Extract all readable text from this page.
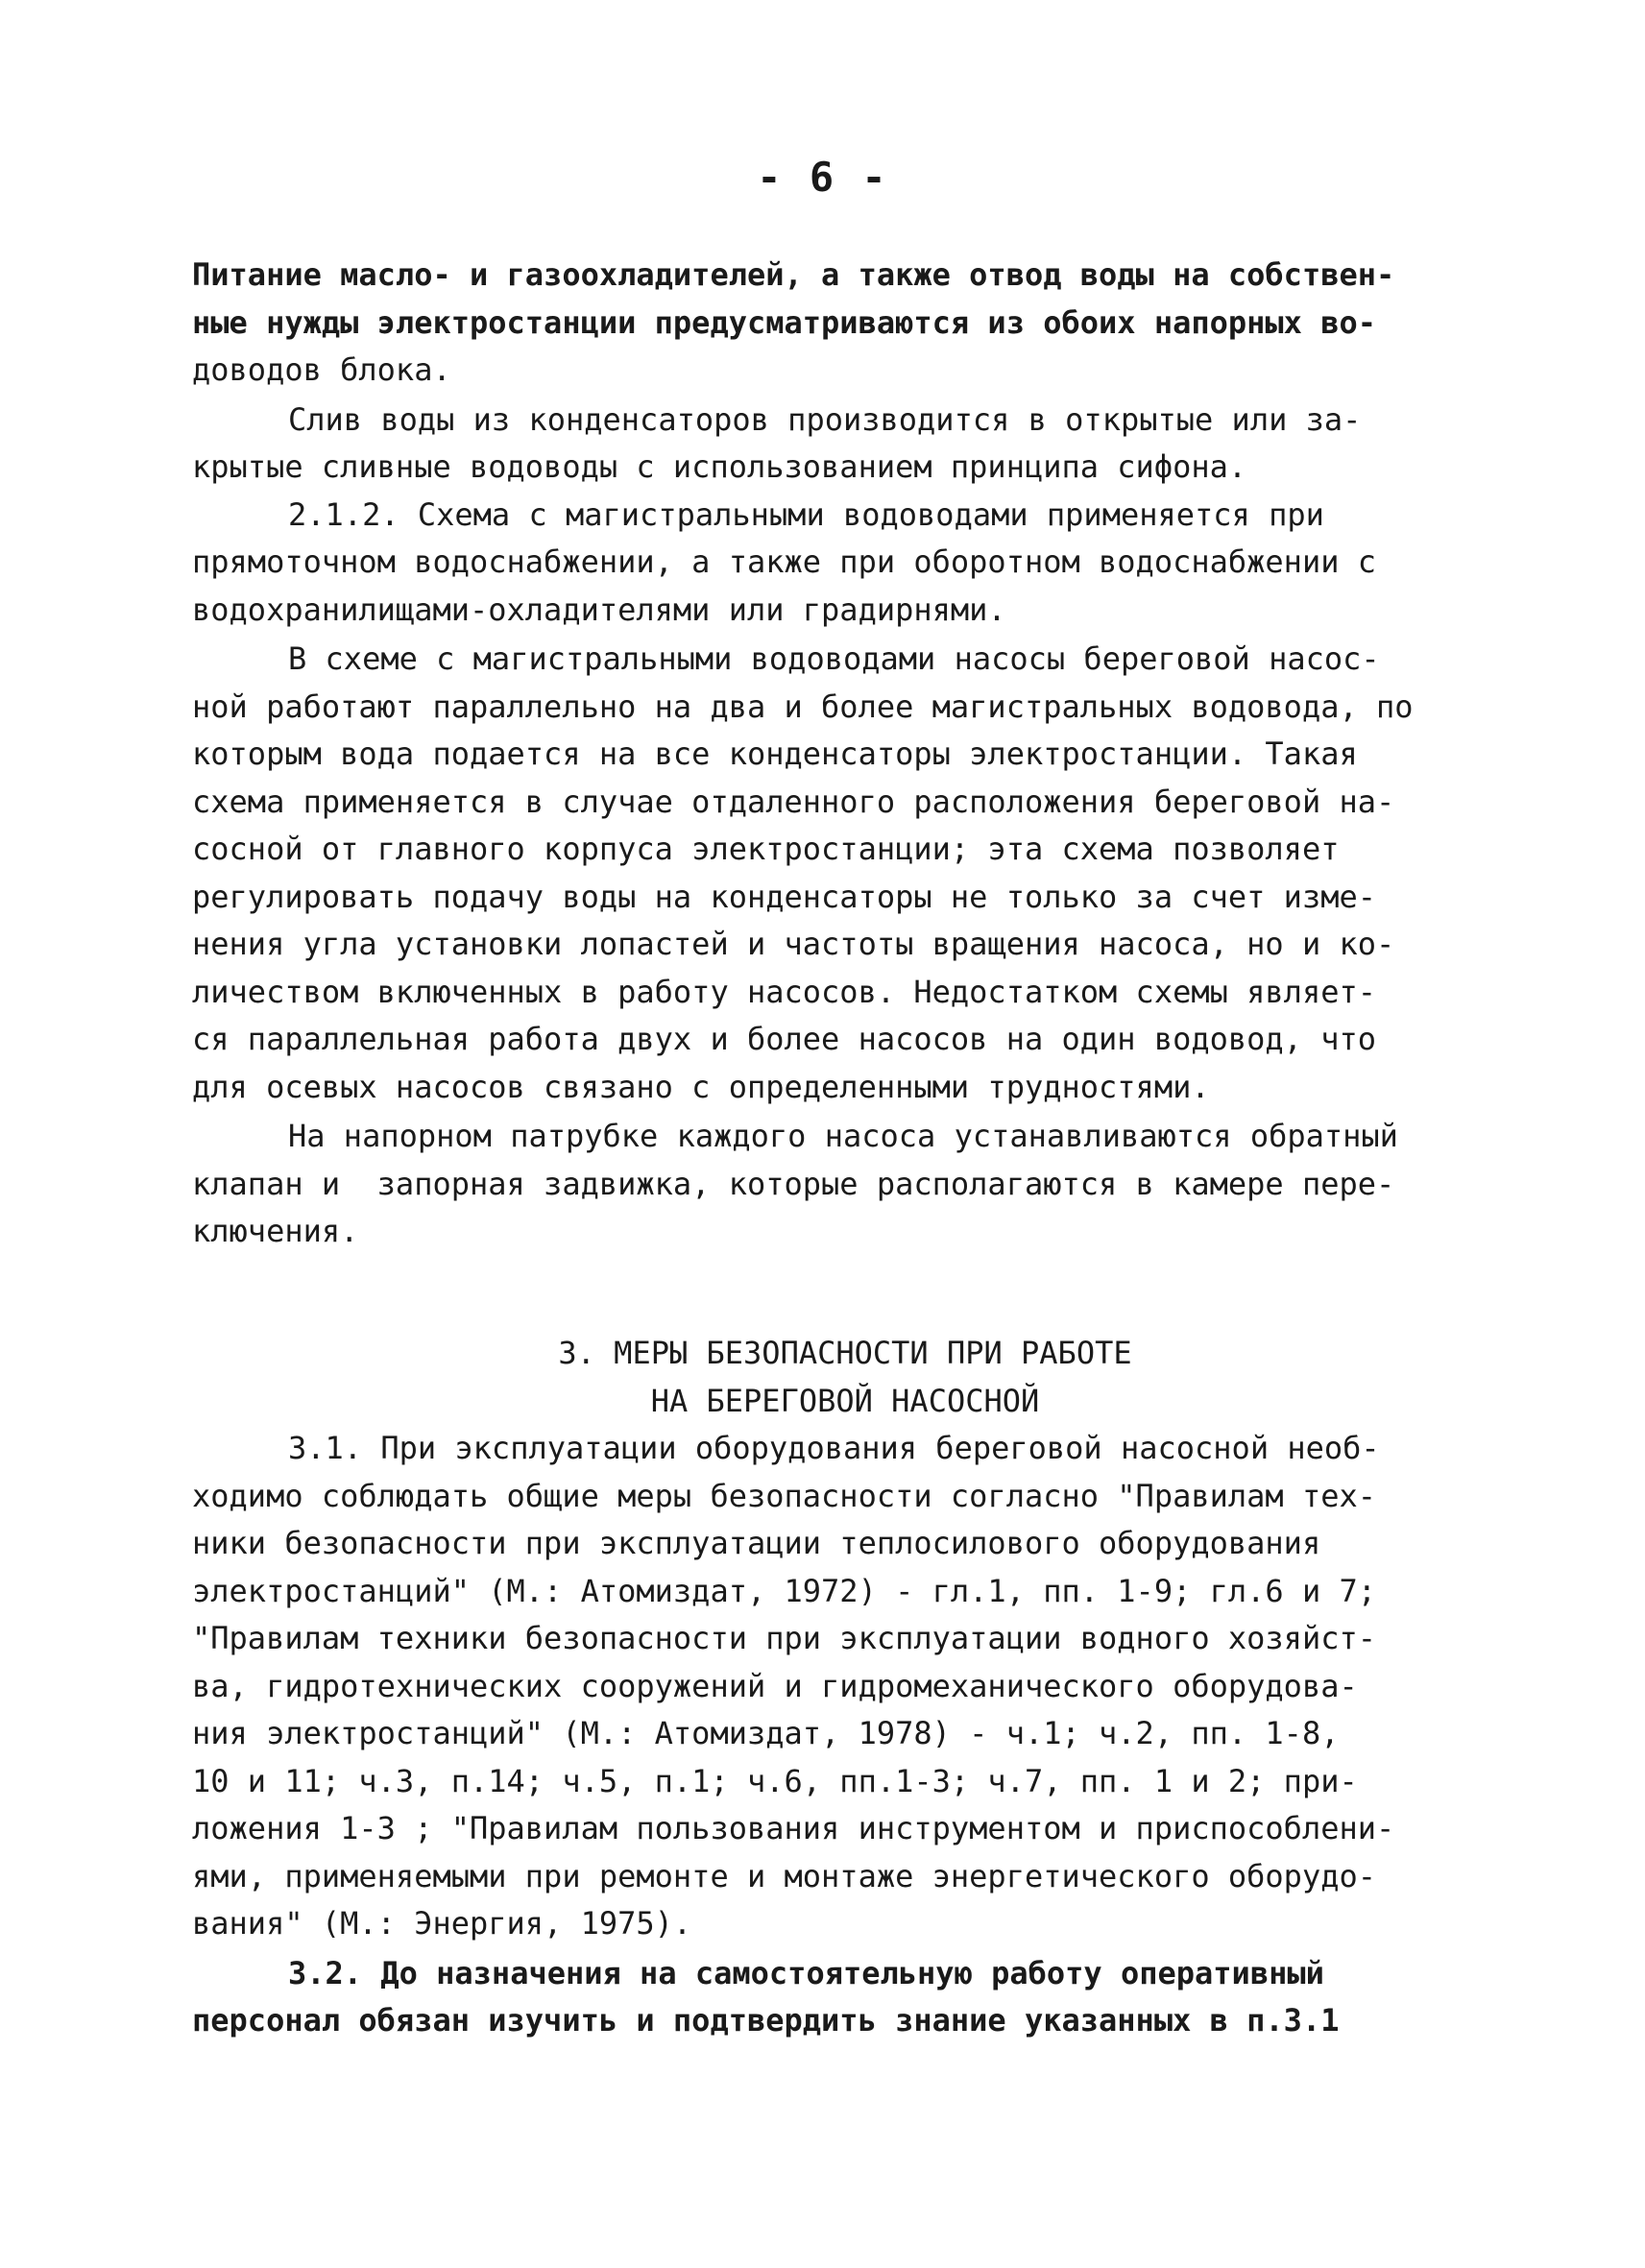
- 6 -
Питание масло- и газоохладителей, а также отвод воды на собствен-
ные нужды электростанции предусматриваются из обоих напорных во-
доводов блока.
Слив воды из конденсаторов производится в открытые или за-
крытые сливные водоводы с использованием принципа сифона.
2.1.2. Схема с магистральными водоводами применяется при
прямоточном водоснабжении, а также при оборотном водоснабжении с
водохранилищами-охладителями или градирнями.
В схеме с магистральными водоводами насосы береговой насос-
ной работают параллельно на два и более магистральных водовода, по
которым вода подается на все конденсаторы электростанции. Такая
схема применяется в случае отдаленного расположения береговой на-
сосной от главного корпуса электростанции; эта схема позволяет
регулировать подачу воды на конденсаторы не только за счет изме-
нения угла установки лопастей и частоты вращения насоса, но и ко-
личеством включенных в работу насосов. Недостатком схемы являет-
ся параллельная работа двух и более насосов на один водовод, что
для осевых насосов связано с определенными трудностями.
На напорном патрубке каждого насоса устанавливаются обратный
клапан и  запорная задвижка, которые располагаются в камере пере-
ключения.
3. МЕРЫ БЕЗОПАСНОСТИ ПРИ РАБОТЕ
НА БЕРЕГОВОЙ НАСОСНОЙ
3.1. При эксплуатации оборудования береговой насосной необ-
ходимо соблюдать общие меры безопасности согласно "Правилам тех-
ники безопасности при эксплуатации теплосилового оборудования
электростанций" (М.: Атомиздат, 1972) - гл.1, пп. 1-9; гл.6 и 7;
"Правилам техники безопасности при эксплуатации водного хозяйст-
ва, гидротехнических сооружений и гидромеханического оборудова-
ния электростанций" (М.: Атомиздат, 1978) - ч.1; ч.2, пп. 1-8,
10 и 11; ч.3, п.14; ч.5, п.1; ч.6, пп.1-3; ч.7, пп. 1 и 2; при-
ложения 1-3 ; "Правилам пользования инструментом и приспособлени-
ями, применяемыми при ремонте и монтаже энергетического оборудо-
вания" (М.: Энергия, 1975).
3.2. До назначения на самостоятельную работу оперативный
персонал обязан изучить и подтвердить знание указанных в п.3.1
